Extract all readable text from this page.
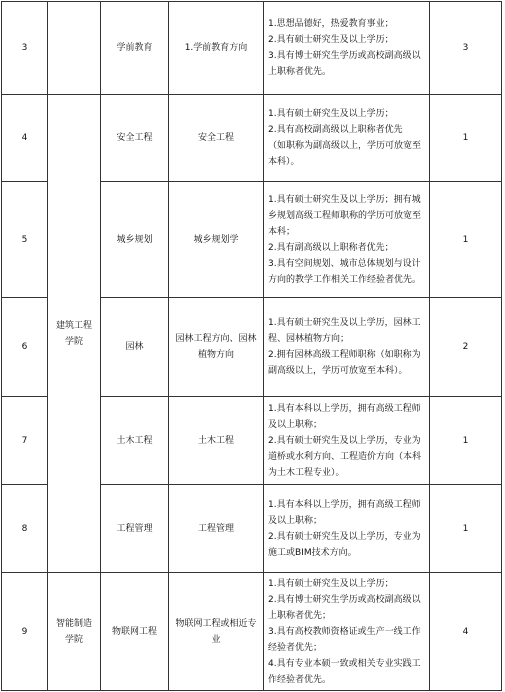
3		学前教育	1.学前教育方向	1.思想品德好，热爱教育事业；
2.具有硕士研究生及以上学历；
3.具有博士研究生学历或高校副高级以上职称者优先。	3
4	建筑工程学院	安全工程	安全工程	1.具有硕士研究生及以上学历；
2.具有高校副高级以上职称者优先
（如职称为副高级以上，学历可放宽至本科）。	1
5		城乡规划	城乡规划学	1.具有硕士研究生及以上学历；拥有城乡规划高级工程师职称的学历可放宽至本科；
2.具有副高级以上职称者优先；
3.具有空间规划、城市总体规划与设计方向的教学工作相关工作经验者优先。	1
6		园林	园林工程方向、园林植物方向	1.具有硕士研究生及以上学历，园林工程、园林植物方向；
2.拥有园林高级工程师职称（如职称为副高级以上，学历可放宽至本科）。	2
7		土木工程	土木工程	1.具有本科以上学历，拥有高级工程师及以上职称；
2.具有硕士研究生及以上学历，专业为道桥或水利方向、工程造价方向（本科为土木工程专业）。	1
8		工程管理	工程管理	1.具有本科以上学历，拥有高级工程师及以上职称；
2.具有硕士研究生及以上学历，专业为施工或BIM技术方向。	1
9	智能制造学院	物联网工程	物联网工程或相近专业	1.具有硕士研究生及以上学历；
2.具有博士研究生学历或高校副高级以上职称者优先；
3.具有高校教师资格证或生产一线工作经验者优先；
4.具有专业本硕一致或相关专业实践工作经验者优先。	4
